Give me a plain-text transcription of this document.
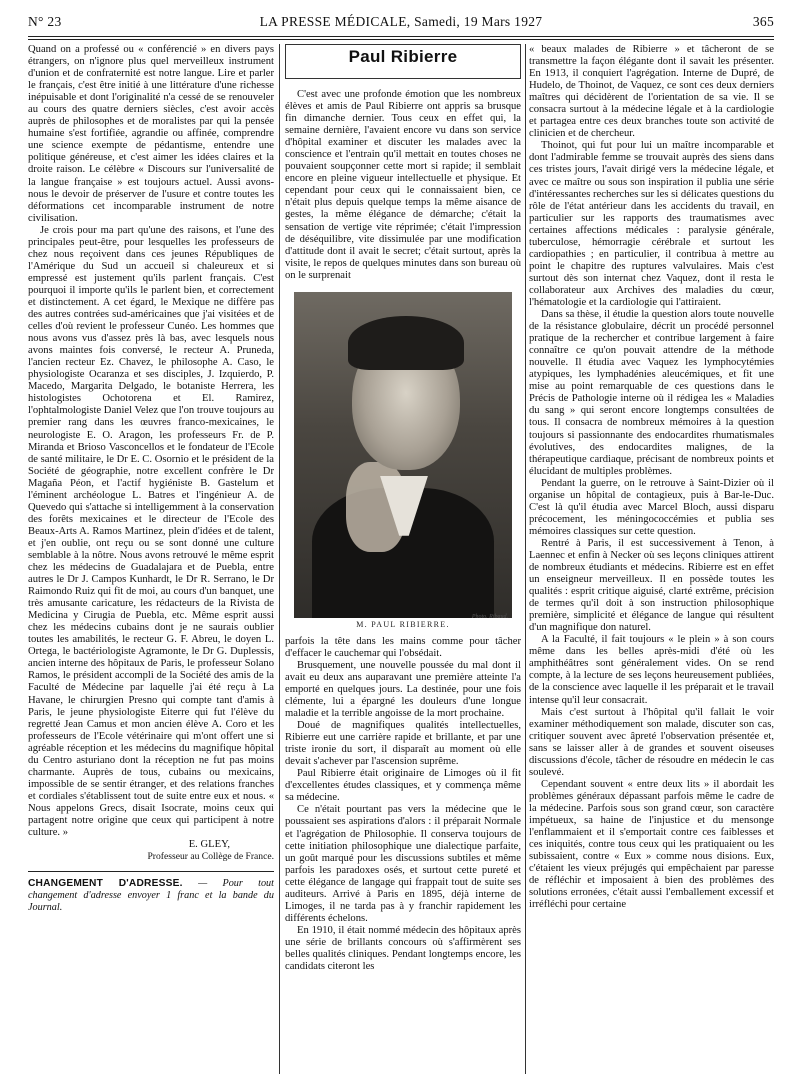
N° 23	LA PRESSE MÉDICALE, Samedi, 19 Mars 1927	365

Quand on a professé ou « conférencié » en divers pays étrangers, on n'ignore plus quel merveilleux instrument d'union et de confraternité est notre langue. Lire et parler le français, c'est être initié à une littérature d'une richesse inépuisable et dont l'originalité n'a cessé de se renouveler au cours des quatre derniers siècles, c'est avoir accès auprès de philosophes et de moralistes par qui la pensée humaine s'est fortifiée, agrandie ou affinée, comprendre une science exempte de pédantisme, entendre une politique généreuse, et c'est aimer les idées claires et la droite raison. Le célèbre « Discours sur l'universalité de la langue française » est toujours actuel. Aussi avons-nous le devoir de préserver de l'usure et contre toutes les déformations cet incomparable instrument de notre civilisation.

Je crois pour ma part qu'une des raisons, et l'une des principales peut-être, pour lesquelles les professeurs de chez nous reçoivent dans ces jeunes Républiques de l'Amérique du Sud un accueil si chaleureux et si empressé est justement qu'ils parlent français. C'est pourquoi il importe qu'ils le parlent bien, et correctement et distinctement. A cet égard, le Mexique ne diffère pas des autres contrées sud-américaines que j'ai visitées et de celles d'où revient le professeur Cunéo. Les hommes que nous avons vus d'assez près là bas, avec lesquels nous avons maintes fois conversé, le recteur A. Pruneda, l'ancien recteur Ez. Chavez, le philosophe A. Caso, le physiologiste Ocaranza et ses disciples, J. Izquierdo, P. Macedo, Margarita Delgado, le botaniste Herrera, les histologistes Ochotorena et El. Ramirez, l'ophtalmologiste Daniel Velez que l'on trouve toujours au premier rang dans les œuvres franco-mexicaines, le neurologiste E. O. Aragon, les professeurs Fr. de P. Miranda et Brioso Vasconcellos et le fondateur de l'Ecole de santé militaire, le Dr E. C. Osornio et le président de la Société de géographie, notre excellent confrère le Dr Magaña Péon, et l'actif hygiéniste B. Gastelum et l'éminent archéologue L. Batres et l'ingénieur A. de Quevedo qui s'attache si intelligemment à la conservation des forêts mexicaines et le directeur de l'Ecole des Beaux-Arts A. Ramos Martinez, plein d'idées et de talent, et j'en oublie, ont reçu ou se sont donné une culture semblable à la nôtre. Nous avons retrouvé le même esprit chez les médecins de Guadalajara et de Puebla, entre autres le Dr J. Campos Kunhardt, le Dr R. Serrano, le Dr Raimondo Ruiz qui fit de moi, au cours d'un banquet, une très amusante caricature, les rédacteurs de la Rivista de Medicina y Cirugia de Puebla, etc. Même esprit aussi chez les médecins cubains dont je ne saurais oublier toutes les amabilités, le recteur G. F. Abreu, le doyen L. Ortega, le bactériologiste Agramonte, le Dr G. Duplessis, ancien interne des hôpitaux de Paris, le professeur Solano Ramos, le président accompli de la Société des amis de la Faculté de Médecine par laquelle j'ai été reçu à La Havane, le chirurgien Presno qui compte tant d'amis à Paris, le jeune physiologiste Eiterre qui fut l'élève du regretté Jean Camus et mon ancien élève A. Coro et les professeurs de l'Ecole vétérinaire qui m'ont offert une si agréable réception et les médecins du magnifique hôpital du Centro asturiano dont la réception ne fut pas moins charmante. Auprès de tous, cubains ou mexicains, impossible de se sentir étranger, et des relations franches et cordiales s'établissent tout de suite entre eux et nous. « Nous appelons Grecs, disait Isocrate, moins ceux qui partagent notre origine que ceux qui participent à notre culture. »

E. GLEY,
Professeur au Collège de France.
CHANGEMENT D'ADRESSE. — Pour tout changement d'adresse envoyer 1 franc et la bande du Journal.
Paul Ribierre

C'est avec une profonde émotion que les nombreux élèves et amis de Paul Ribierre ont appris sa brusque fin dimanche dernier. Tous ceux en effet qui, la semaine dernière, l'avaient encore vu dans son service d'hôpital examiner et discuter les malades avec la conscience et l'entrain qu'il mettait en toutes choses ne pouvaient soupçonner cette mort si rapide; il semblait encore en pleine vigueur intellectuelle et physique. Et cependant pour ceux qui le connaissaient bien, ce n'était plus depuis quelque temps la même aisance de gestes, la même élégance de démarche; c'était la sensation de vertige vite réprimée; c'était l'impression de déséquilibre, vite dissimulée par une modification d'attitude dont il avait le secret; c'était surtout, après la visite, le repos de quelques minutes dans son bureau où on le surprenait

Photo. Ribaud.
M. PAUL RIBIERRE.

parfois la tête dans les mains comme pour tâcher d'effacer le cauchemar qui l'obsédait.

Brusquement, une nouvelle poussée du mal dont il avait eu deux ans auparavant une première atteinte l'a emporté en quelques jours. La destinée, pour une fois clémente, lui a épargné les douleurs d'une longue maladie et la terrible angoisse de la mort prochaine.

Doué de magnifiques qualités intellectuelles, Ribierre eut une carrière rapide et brillante, et par une triste ironie du sort, il disparaît au moment où elle devait s'achever par l'ascension suprême.

Paul Ribierre était originaire de Limoges où il fit d'excellentes études classiques, et y commença même sa médecine.

Ce n'était pourtant pas vers la médecine que le poussaient ses aspirations d'alors : il préparait Normale et l'agrégation de Philosophie. Il conserva toujours de cette initiation philosophique une dialectique parfaite, un goût marqué pour les discussions subtiles et même parfois les paradoxes osés, et surtout cette pureté et cette élégance de langage qui frappait tout de suite ses auditeurs. Arrivé à Paris en 1895, déjà interne de Limoges, il ne tarda pas à y franchir rapidement les différents échelons.

En 1910, il était nommé médecin des hôpitaux après une série de brillants concours où s'affirmèrent ses belles qualités cliniques. Pendant longtemps encore, les candidats citeront les

« beaux malades de Ribierre » et tâcheront de se transmettre la façon élégante dont il savait les présenter. En 1913, il conquiert l'agrégation. Interne de Dupré, de Hudelo, de Thoinot, de Vaquez, ce sont ces deux derniers maîtres qui décidèrent de l'orientation de sa vie. Il se consacra surtout à la médecine légale et à la cardiologie et partagea entre ces deux branches toute son activité de clinicien et de chercheur.

Thoinot, qui fut pour lui un maître incomparable et dont l'admirable femme se trouvait auprès des siens dans ces tristes jours, l'avait dirigé vers la médecine légale, et avec ce maître ou sous son inspiration il publia une série d'intéressantes recherches sur les si délicates questions du rôle de l'état antérieur dans les accidents du travail, en particulier sur les rapports des traumatismes avec certaines affections médicales : paralysie générale, tuberculose, hémorragie cérébrale et surtout les cardiopathies ; en particulier, il contribua à mettre au point le chapitre des ruptures valvulaires. Mais c'est surtout dès son internat chez Vaquez, dont il resta le collaborateur aux Archives des maladies du cœur, l'hématologie et la cardiologie qui l'attiraient.

Dans sa thèse, il étudie la question alors toute nouvelle de la résistance globulaire, décrit un procédé personnel pratique de la rechercher et contribue largement à faire connaître ce qu'on pouvait attendre de la méthode nouvelle. Il étudia avec Vaquez les lymphocytémies atypiques, les lymphadénies aleucémiques, et fit une mise au point remarquable de ces questions dans le Précis de Pathologie interne où il rédigea les « Maladies du sang » qui seront encore longtemps consultées de tous. Il consacra de nombreux mémoires à la question toujours si passionnante des endocardites rhumatismales évolutives, des endocardites malignes, de la thérapeutique cardiaque, précisant de nombreux points et élucidant de multiples problèmes.

Pendant la guerre, on le retrouve à Saint-Dizier où il organise un hôpital de contagieux, puis à Bar-le-Duc. C'est là qu'il étudia avec Marcel Bloch, aussi disparu précocement, les méningococcémies et publia ses mémoires classiques sur cette question.

Rentré à Paris, il est successivement à Tenon, à Laennec et enfin à Necker où ses leçons cliniques attirent de nombreux étudiants et médecins. Ribierre est en effet un enseigneur merveilleux. Il en possède toutes les qualités : esprit critique aiguisé, clarté extrême, précision de termes qu'il doit à son instruction philosophique première, simplicité et élégance de langue qui résultent d'un magnifique don naturel.

A la Faculté, il fait toujours « le plein » à son cours même dans les belles après-midi d'été où les amphithéâtres sont généralement vides. On se rend compte, à la lecture de ses leçons heureusement publiées, de la conscience avec laquelle il les préparait et le travail intense qu'il leur consacrait.

Mais c'est surtout à l'hôpital qu'il fallait le voir examiner méthodiquement son malade, discuter son cas, critiquer souvent avec âpreté l'observation présentée et, sans se laisser aller à de grandes et souvent oiseuses discussions d'école, tâcher de résoudre en médecin le cas soulevé.

Cependant souvent « entre deux lits » il abordait les problèmes généraux dépassant parfois même le cadre de la médecine. Parfois sous son grand cœur, son caractère impétueux, sa haine de l'injustice et du mensonge l'enflammaient et il s'emportait contre ces faiblesses et ces iniquités, contre tous ceux qui les pratiquaient ou les subissaient, contre « Eux » comme nous disions. Eux, c'étaient les vieux préjugés qui empêchaient par paresse de réfléchir et imposaient à bien des problèmes des solutions erronées, c'était aussi l'emballement excessif et irréfléchi pour certaine
